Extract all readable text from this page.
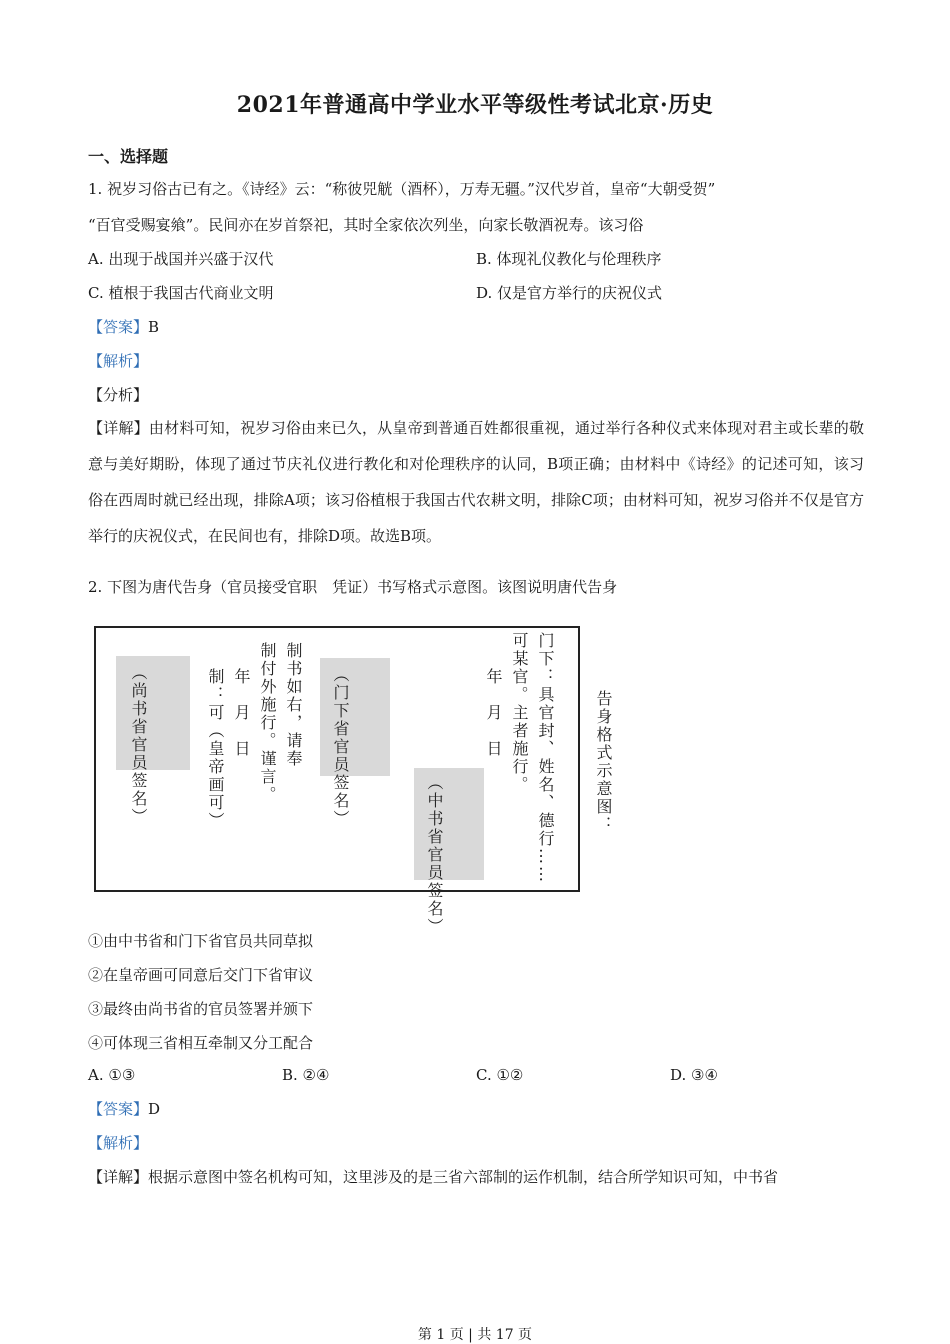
2021年普通高中学业水平等级性考试北京·历史
一、选择题
1. 祝岁习俗古已有之。《诗经》云：“称彼兕觥（酒杯），万寿无疆。”汉代岁首，皇帝“大朝受贺”
“百官受赐宴飨”。民间亦在岁首祭祀，其时全家依次列坐，向家长敬酒祝寿。该习俗
A. 出现于战国并兴盛于汉代	B. 体现礼仪教化与伦理秩序
C. 植根于我国古代商业文明	D. 仅是官方举行的庆祝仪式
【答案】B
【解析】
【分析】
【详解】由材料可知，祝岁习俗由来已久，从皇帝到普通百姓都很重视，通过举行各种仪式来体现对君主或长辈的敬意与美好期盼，体现了通过节庆礼仪进行教化和对伦理秩序的认同，B项正确；由材料中《诗经》的记述可知，该习俗在西周时就已经出现，排除A项；该习俗植根于我国古代农耕文明，排除C项；由材料可知，祝岁习俗并不仅是官方举行的庆祝仪式，在民间也有，排除D项。故选B项。
2. 下图为唐代告身（官员接受官职　凭证）书写格式示意图。该图说明唐代告身
门下：具官封、姓名、德行……
可某官。主者施行。
年　月　日
（中书省官员签名）
（门下省官员签名）
制书如右，请奉
制付外施行。谨言。
年　月　日
制：可（皇帝画可）
（尚书省官员签名）	告身格式示意图：
①由中书省和门下省官员共同草拟
②在皇帝画可同意后交门下省审议
③最终由尚书省的官员签署并颁下
④可体现三省相互牵制又分工配合
A. ①③	B. ②④	C. ①②	D. ③④
【答案】D
【解析】
【详解】根据示意图中签名机构可知，这里涉及的是三省六部制的运作机制，结合所学知识可知，中书省
第 1 页 | 共 17 页
